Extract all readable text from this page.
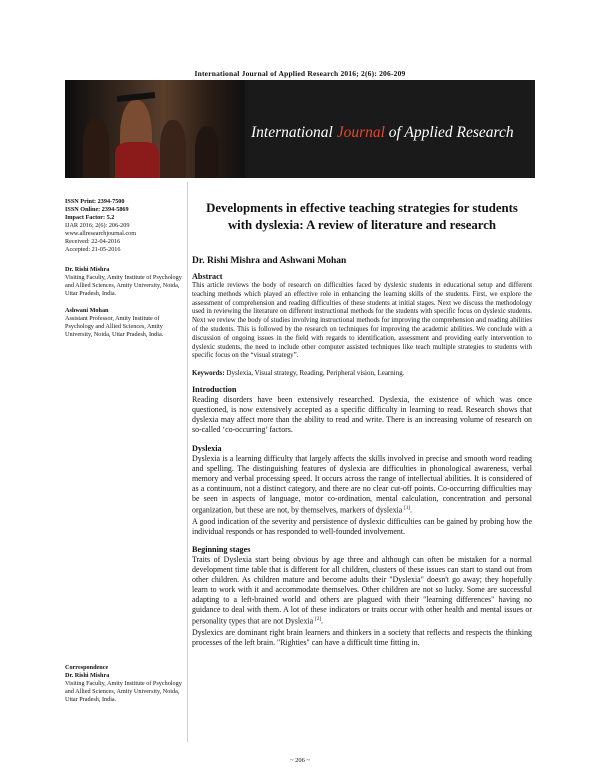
International Journal of Applied Research 2016; 2(6): 206-209
International Journal of Applied Research
ISSN Print: 2394-7500
ISSN Online: 2394-5869
Impact Factor: 5.2
IJAR 2016; 2(6): 206-209
www.allresearchjournal.com
Received: 22-04-2016
Accepted: 21-05-2016
Dr. Rishi Mishra
Visiting Faculty, Amity Institute of Psychology and Allied Sciences, Amity University, Noida, Uttar Pradesh, India.
Ashwani Mohan
Assistant Professor, Amity Institute of Psychology and Allied Sciences, Amity University, Noida, Uttar Pradesh, India.
Correspondence
Dr. Rishi Mishra
Visiting Faculty, Amity Institute of Psychology and Allied Sciences, Amity University, Noida, Uttar Pradesh, India.
Developments in effective teaching strategies for students with dyslexia: A review of literature and research
Dr. Rishi Mishra and Ashwani Mohan
Abstract
This article reviews the body of research on difficulties faced by dyslexic students in educational setup and different teaching methods which played an effective role in enhancing the learning skills of the students. First, we explore the assessment of comprehension and reading difficulties of these students at initial stages. Next we discuss the methodology used in reviewing the literature on different instructional methods for the students with specific focus on dyslexic students. Next we review the body of studies involving instructional methods for improving the comprehension and reading abilities of the students. This is followed by the research on techniques for improving the academic abilities. We conclude with a discussion of ongoing issues in the field with regards to identification, assessment and providing early intervention to dyslexic students, the need to include other computer assisted techniques like teach multiple strategies to students with specific focus on the “visual strategy”.
Keywords: Dyslexia, Visual strategy, Reading, Peripheral vision, Learning.
Introduction
Reading disorders have been extensively researched. Dyslexia, the existence of which was once questioned, is now extensively accepted as a specific difficulty in learning to read. Research shows that dyslexia may affect more than the ability to read and write. There is an increasing volume of research on so-called ‘co-occurring’ factors.
Dyslexia
Dyslexia is a learning difficulty that largely affects the skills involved in precise and smooth word reading and spelling. The distinguishing features of dyslexia are difficulties in phonological awareness, verbal memory and verbal processing speed. It occurs across the range of intellectual abilities. It is considered of as a continuum, not a distinct category, and there are no clear cut-off points. Co-occurring difficulties may be seen in aspects of language, motor co-ordination, mental calculation, concentration and personal organization, but these are not, by themselves, markers of dyslexia [1].
A good indication of the severity and persistence of dyslexic difficulties can be gained by probing how the individual responds or has responded to well-founded involvement.
Beginning stages
Traits of Dyslexia start being obvious by age three and although can often be mistaken for a normal development time table that is different for all children, clusters of these issues can start to stand out from other children. As children mature and become adults their "Dyslexia" doesn't go away; they hopefully learn to work with it and accommodate themselves. Other children are not so lucky. Some are successful adapting to a left-brained world and others are plagued with their "learning differences" having no guidance to deal with them. A lot of these indicators or traits occur with other health and mental issues or personality types that are not Dyslexia [2].
Dyslexics are dominant right brain learners and thinkers in a society that reflects and respects the thinking processes of the left brain. "Righties" can have a difficult time fitting in.
~ 206 ~
